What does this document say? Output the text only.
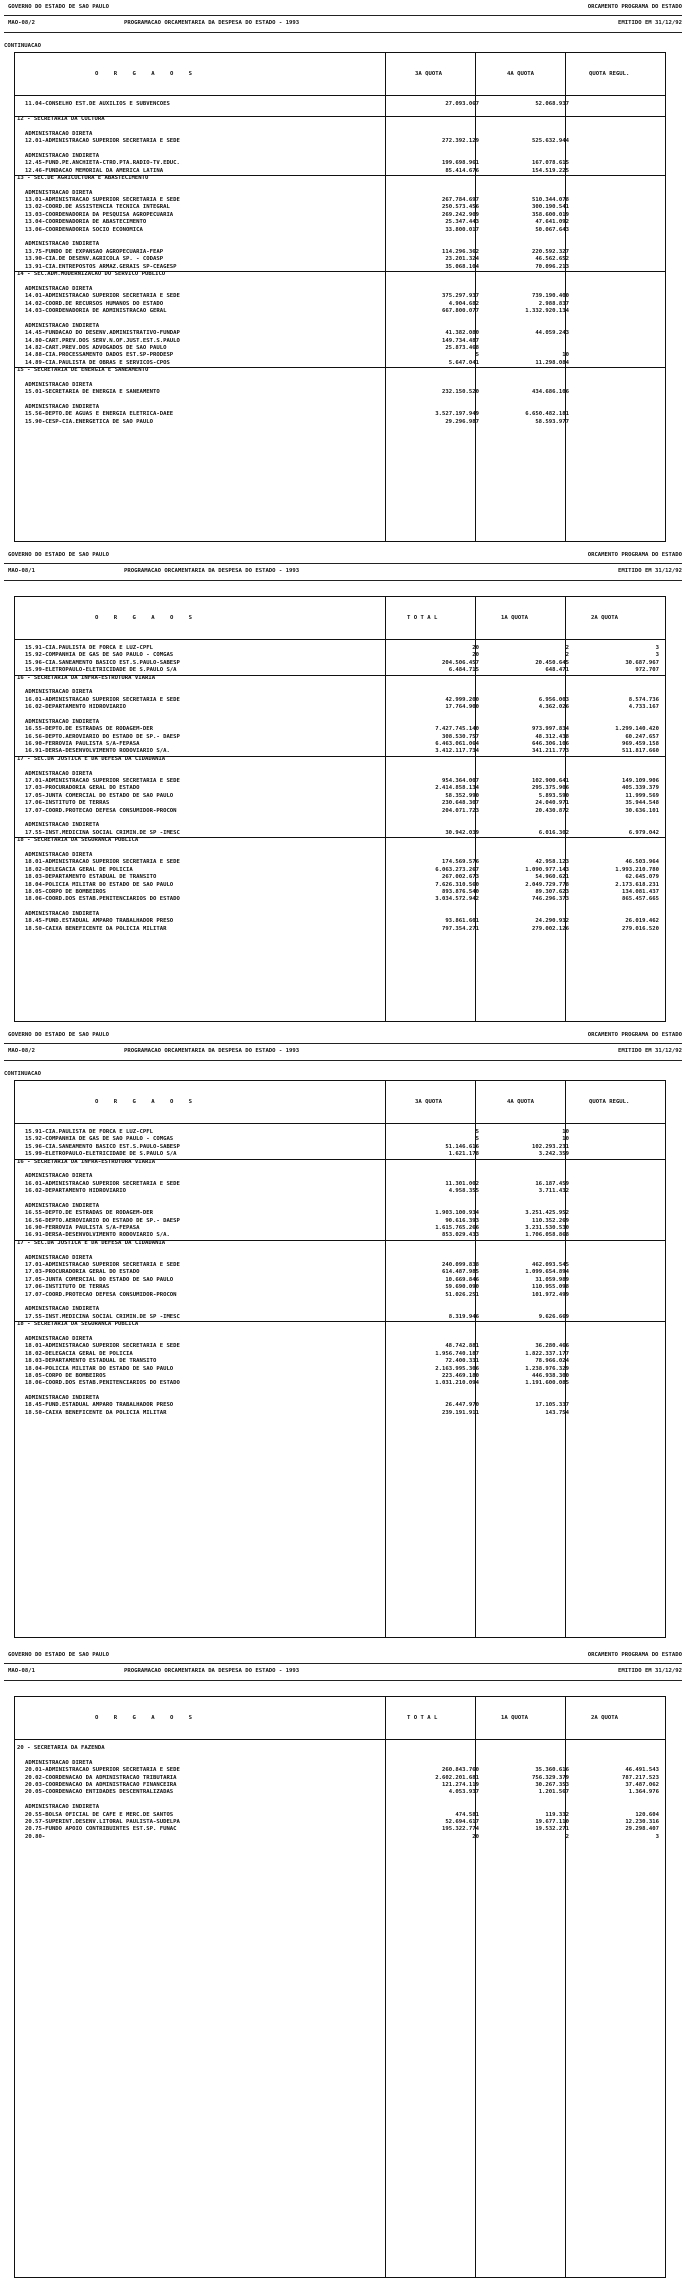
GOVERNO DO ESTADO DE SAO PAULO	ORCAMENTO PROGRAMA DO ESTADO
MAO-08/2	PROGRAMACAO ORCAMENTARIA DA DESPESA DO ESTADO - 1993	EMITIDO EM 31/12/92
CONTINUACAO
O R G A O S	3A QUOTA	4A QUOTA	QUOTA REGUL.
11.04-CONSELHO EST.DE AUXILIOS E SUBVENCOES	27.093.067	52.068.937
12 - SECRETARIA DA CULTURA
ADMINISTRACAO DIRETA
12.01-ADMINISTRACAO SUPERIOR SECRETARIA E SEDE	272.392.129	525.632.944
ADMINISTRACAO INDIRETA
12.45-FUND.PE.ANCHIETA-CTRO.PTA.RADIO-TV.EDUC.	199.698.961	167.078.615
12.46-FUNDACAO MEMORIAL DA AMERICA LATINA	85.414.676	154.519.225
13 - SEC.DE AGRICULTURA E ABASTECIMENTO
ADMINISTRACAO DIRETA
13.01-ADMINISTRACAO SUPERIOR SECRETARIA E SEDE	267.784.697	510.344.078
13.02-COORD.DE ASSISTENCIA TECNICA INTEGRAL	250.573.456	300.190.541
13.03-COORDENADORIA DA PESQUISA AGROPECUARIA	269.242.909	358.600.019
13.04-COORDENADORIA DE ABASTECIMENTO	25.347.443	47.641.092
13.06-COORDENADORIA SOCIO ECONOMICA	33.800.017	50.067.643
ADMINISTRACAO INDIRETA
13.75-FUNDO DE EXPANSAO AGROPECUARIA-FEAP	114.296.362	220.592.327
13.90-CIA.DE DESENV.AGRICOLA SP. - CODASP	23.201.324	46.562.652
13.91-CIA.ENTREPOSTOS ARMAZ.GERAIS SP-CEAGESP	35.068.104	70.096.213
14 - SEC.ADM.MODERNIZACAO DO SERVICO PUBLICO
ADMINISTRACAO DIRETA
14.01-ADMINISTRACAO SUPERIOR SECRETARIA E SEDE	375.297.937	739.190.400
14.02-COORD.DE RECURSOS HUMANOS DO ESTADO	4.904.682	2.988.837
14.03-COORDENADORIA DE ADMINISTRACAO GERAL	667.800.077	1.332.920.134
ADMINISTRACAO INDIRETA
14.45-FUNDACAO DO DESENV.ADMINISTRATIVO-FUNDAP	41.382.080	44.059.243
14.80-CART.PREV.DOS SERV.N.OF.JUST.EST.S.PAULO	149.734.487
14.82-CART.PREV.DOS ADVOGADOS DE SAO PAULO	25.873.468
14.88-CIA.PROCESSAMENTO DADOS EST.SP-PRODESP	5	10
14.89-CIA.PAULISTA DE OBRAS E SERVICOS-CPOS	5.647.041	11.298.084
15 - SECRETARIA DE ENERGIA E SANEAMENTO
ADMINISTRACAO DIRETA
15.01-SECRETARIA DE ENERGIA E SANEAMENTO	232.150.520	434.686.106
ADMINISTRACAO INDIRETA
15.56-DEPTO.DE AGUAS E ENERGIA ELETRICA-DAEE	3.527.197.949	6.650.482.181
15.90-CESP-CIA.ENERGETICA DE SAO PAULO	29.296.987	58.593.977
GOVERNO DO ESTADO DE SAO PAULO	ORCAMENTO PROGRAMA DO ESTADO
MAO-08/1	PROGRAMACAO ORCAMENTARIA DA DESPESA DO ESTADO - 1993	EMITIDO EM 31/12/92
O R G A O S	T O T A L	1A QUOTA	2A QUOTA
15.91-CIA.PAULISTA DE FORCA E LUZ-CPFL	20	2	3
15.92-COMPANHIA DE GAS DE SAO PAULO - COMGAS	20	2	3
15.96-CIA.SANEAMENTO BASICO EST.S.PAULO-SABESP	204.506.457	20.450.645	30.687.967
15.99-ELETROPAULO-ELETRICIDADE DE S.PAULO S/A	6.484.715	648.471	972.707
16 - SECRETARIA DA INFRA-ESTRUTURA VIARIA
ADMINISTRACAO DIRETA
16.01-ADMINISTRACAO SUPERIOR SECRETARIA E SEDE	42.999.200	6.956.003	8.574.736
16.02-DEPARTAMENTO HIDROVIARIO	17.764.900	4.362.026	4.733.167
ADMINISTRACAO INDIRETA
16.55-DEPTO.DE ESTRADAS DE RODAGEM-DER	7.427.745.140	973.997.834	1.299.140.420
16.56-DEPTO.AEROVIARIO DO ESTADO DE SP.- DAESP	308.530.757	48.312.438	60.247.657
16.90-FERROVIA PAULISTA S/A-FEPASA	6.463.061.064	646.306.106	969.459.158
16.91-DERSA-DESENVOLVIMENTO RODOVIARIO S/A.	3.412.117.734	341.211.773	511.817.660
17 - SEC.DA JUSTICA E DA DEFESA DA CIDADANIA
ADMINISTRACAO DIRETA
17.01-ADMINISTRACAO SUPERIOR SECRETARIA E SEDE	954.364.007	102.900.641	149.109.906
17.03-PROCURADORIA GERAL DO ESTADO	2.414.858.134	295.375.906	405.339.379
17.05-JUNTA COMERCIAL DO ESTADO DE SAO PAULO	58.352.990	5.893.590	11.999.569
17.06-INSTITUTO DE TERRAS	230.648.307	24.040.971	35.944.548
17.07-COORD.PROTECAO DEFESA CONSUMIDOR-PROCON	204.071.723	20.430.872	30.636.101
ADMINISTRACAO INDIRETA
17.55-INST.MEDICINA SOCIAL CRIMIN.DE SP -IMESC	30.942.039	6.016.302	6.979.042
18 - SECRETARIA DA SEGURANCA PUBLICA
ADMINISTRACAO DIRETA
18.01-ADMINISTRACAO SUPERIOR SECRETARIA E SEDE	174.569.576	42.958.123	46.503.964
18.02-DELEGACIA GERAL DE POLICIA	6.063.273.267	1.090.977.143	1.993.210.780
18.03-DEPARTAMENTO ESTADUAL DE TRANSITO	267.002.673	54.960.621	62.645.079
18.04-POLICIA MILITAR DO ESTADO DE SAO PAULO	7.626.310.560	2.049.729.778	2.173.618.231
18.05-CORPO DE BOMBEIROS	893.876.540	89.307.623	134.081.437
18.06-COORD.DOS ESTAB.PENITENCIARIOS DO ESTADO	3.034.572.942	746.296.373	865.457.665
ADMINISTRACAO INDIRETA
18.45-FUND.ESTADUAL AMPARO TRABALHADOR PRESO	93.861.601	24.290.932	26.019.462
18.50-CAIXA BENEFICENTE DA POLICIA MILITAR	797.354.271	279.002.126	279.016.520
GOVERNO DO ESTADO DE SAO PAULO	ORCAMENTO PROGRAMA DO ESTADO
MAO-08/2	PROGRAMACAO ORCAMENTARIA DA DESPESA DO ESTADO - 1993	EMITIDO EM 31/12/92
CONTINUACAO
O R G A O S	3A QUOTA	4A QUOTA	QUOTA REGUL.
15.91-CIA.PAULISTA DE FORCA E LUZ-CPFL	5	10
15.92-COMPANHIA DE GAS DE SAO PAULO - COMGAS	5	10
15.96-CIA.SANEAMENTO BASICO EST.S.PAULO-SABESP	51.146.616	102.293.231
15.99-ELETROPAULO-ELETRICIDADE DE S.PAULO S/A	1.621.178	3.242.359
16 - SECRETARIA DA INFRA-ESTRUTURA VIARIA
ADMINISTRACAO DIRETA
16.01-ADMINISTRACAO SUPERIOR SECRETARIA E SEDE	11.301.002	16.187.459
16.02-DEPARTAMENTO HIDROVIARIO	4.958.355	3.711.432
ADMINISTRACAO INDIRETA
16.55-DEPTO.DE ESTRADAS DE RODAGEM-DER	1.903.100.934	3.251.425.952
16.56-DEPTO.AEROVIARIO DO ESTADO DE SP.- DAESP	90.616.393	110.352.269
16.90-FERROVIA PAULISTA S/A-FEPASA	1.615.765.266	3.231.530.530
16.91-DERSA-DESENVOLVIMENTO RODOVIARIO S/A.	853.029.433	1.706.058.868
17 - SEC.DA JUSTICA E DA DEFESA DA CIDADANIA
ADMINISTRACAO DIRETA
17.01-ADMINISTRACAO SUPERIOR SECRETARIA E SEDE	240.099.838	462.093.545
17.03-PROCURADORIA GERAL DO ESTADO	614.487.985	1.099.654.894
17.05-JUNTA COMERCIAL DO ESTADO DE SAO PAULO	10.669.846	31.059.989
17.06-INSTITUTO DE TERRAS	59.690.090	110.955.098
17.07-COORD.PROTECAO DEFESA CONSUMIDOR-PROCON	51.026.251	101.972.499
ADMINISTRACAO INDIRETA
17.55-INST.MEDICINA SOCIAL CRIMIN.DE SP -IMESC	8.319.946	9.626.669
18 - SECRETARIA DA SEGURANCA PUBLICA
ADMINISTRACAO DIRETA
18.01-ADMINISTRACAO SUPERIOR SECRETARIA E SEDE	48.742.881	36.280.466
18.02-DELEGACIA GERAL DE POLICIA	1.956.740.187	1.822.337.177
18.03-DEPARTAMENTO ESTADUAL DE TRANSITO	72.400.331	78.966.024
18.04-POLICIA MILITAR DO ESTADO DE SAO PAULO	2.163.995.306	1.238.976.329
18.05-CORPO DE BOMBEIROS	223.469.180	446.938.300
18.06-COORD.DOS ESTAB.PENITENCIARIOS DO ESTADO	1.031.210.094	1.191.600.085
ADMINISTRACAO INDIRETA
18.45-FUND.ESTADUAL AMPARO TRABALHADOR PRESO	26.447.970	17.105.337
18.50-CAIXA BENEFICENTE DA POLICIA MILITAR	239.191.911	143.754
GOVERNO DO ESTADO DE SAO PAULO	ORCAMENTO PROGRAMA DO ESTADO
MAO-08/1	PROGRAMACAO ORCAMENTARIA DA DESPESA DO ESTADO - 1993	EMITIDO EM 31/12/92
O R G A O S	T O T A L	1A QUOTA	2A QUOTA
20 - SECRETARIA DA FAZENDA
ADMINISTRACAO DIRETA
20.01-ADMINISTRACAO SUPERIOR SECRETARIA E SEDE	260.843.760	35.360.616	46.491.543
20.02-COORDENACAO DA ADMINISTRACAO TRIBUTARIA	2.602.201.681	756.329.379	787.217.523
20.03-COORDENACAO DA ADMINISTRACAO FINANCEIRA	121.274.119	30.267.353	37.487.062
20.05-COORDENACAO ENTIDADES DESCENTRALIZADAS	4.053.937	1.201.567	1.364.976
ADMINISTRACAO INDIRETA
20.55-BOLSA OFICIAL DE CAFE E MERC.DE SANTOS	474.581	119.332	120.604
20.57-SUPERINT.DESENV.LITORAL PAULISTA-SUDELPA	52.694.617	19.677.110	12.230.316
20.75-FUNDO APOIO CONTRIBUINTES EST.SP. FUNAC	195.322.774	19.532.271	29.298.407
20.80-	20	2	3
